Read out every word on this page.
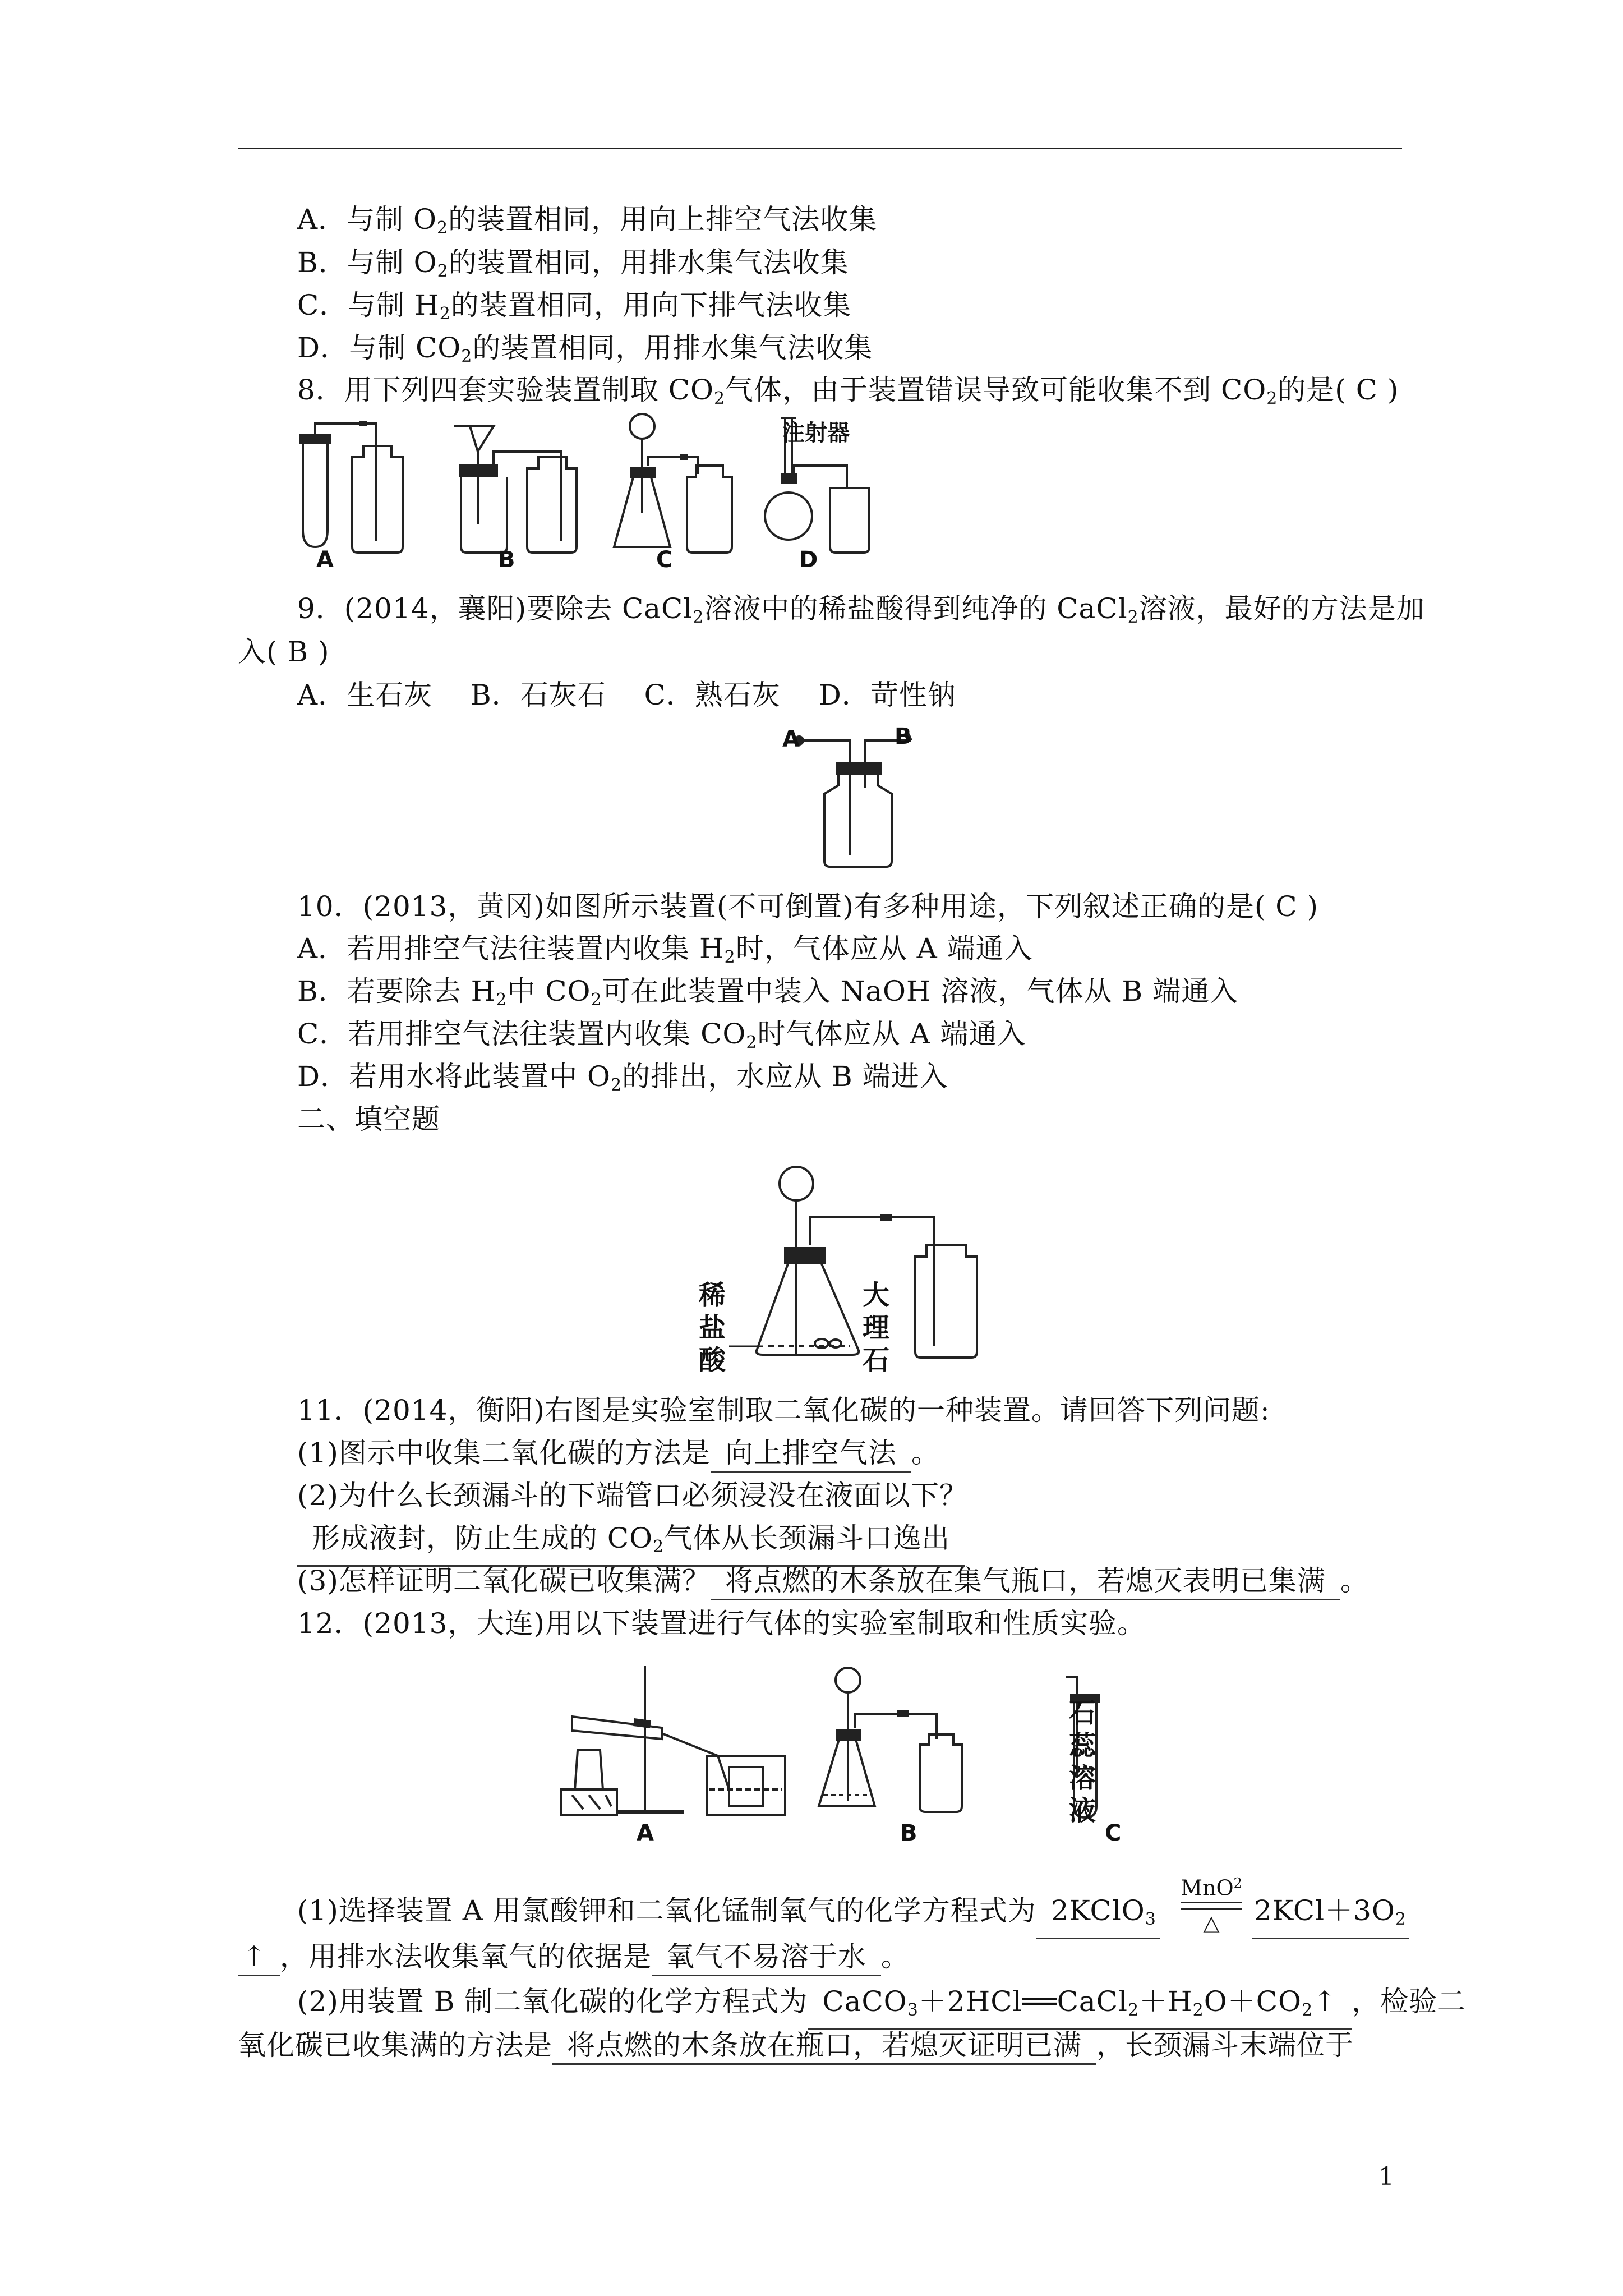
A．与制 $O_2$的装置相同，用向上排空气法收集
B．与制 $O_2$的装置相同，用排水集气法收集
C．与制 $H_2$的装置相同，用向下排气法收集
D．与制 $CO_2$的装置相同，用排水集气法收集
8．用下列四套实验装置制取 $CO_2$气体，由于装置错误导致可能收集不到 $CO_2$的是( C )
A	B	C	D
注射器
9．(2014，襄阳)要除去 CaCl$_2$溶液中的稀盐酸得到纯净的 CaCl$_2$溶液，最好的方法是加
入( B )
A．生石灰　 B．石灰石　 C．熟石灰　 D．苛性钠
A	B
10．(2013，黄冈)如图所示装置(不可倒置)有多种用途，下列叙述正确的是( C )
A．若用排空气法往装置内收集 $H_2$时，气体应从 A 端通入
B．若要除去 $H_2$中 $CO_2$可在此装置中装入 NaOH 溶液，气体从 B 端通入
C．若用排空气法往装置内收集 $CO_2$时气体应从 A 端通入
D．若用水将此装置中 $O_2$的排出，水应从 B 端进入
二、填空题
稀
盐
酸
大
理
石
11．(2014，衡阳)右图是实验室制取二氧化碳的一种装置。请回答下列问题:
(1)图示中收集二氧化碳的方法是 向上排空气法 。
(2)为什么长颈漏斗的下端管口必须浸没在液面以下？
形成液封，防止生成的 $CO_2$气体从长颈漏斗口逸出
(3)怎样证明二氧化碳已收集满？ 将点燃的木条放在集气瓶口，若熄灭表明已集满 。
12．(2013，大连)用以下装置进行气体的实验室制取和性质实验。
A	B	C
石
蕊
溶
液
(1)选择装置 A 用氯酸钾和二氧化锰制氧气的化学方程式为 2KClO$_3$
MnO$^2$
△	$2KCl+3O_2$
↑ ，用排水法收集氧气的依据是 氧气不易溶于水 。
(2)用装置 B 制二氧化碳的化学方程式为 $CaCO_3+2HCl══CaCl_2+H_2O+CO_2↑$ ，检验二
氧化碳已收集满的方法是 将点燃的木条放在瓶口，若熄灭证明已满 ，长颈漏斗末端位于
1
